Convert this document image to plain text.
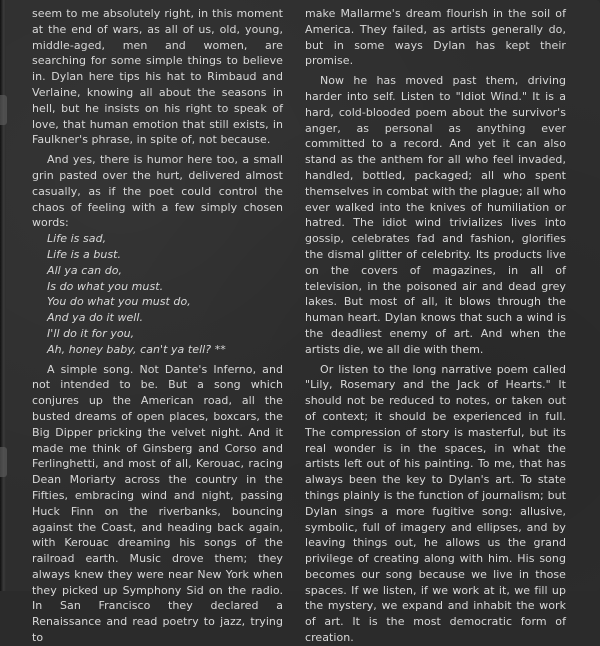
seem to me absolutely right, in this moment at the end of wars, as all of us, old, young, middle-aged, men and women, are searching for some simple things to believe in. Dylan here tips his hat to Rimbaud and Verlaine, knowing all about the seasons in hell, but he insists on his right to speak of love, that human emotion that still exists, in Faulkner's phrase, in spite of, not because.

And yes, there is humor here too, a small grin pasted over the hurt, delivered almost casually, as if the poet could control the chaos of feeling with a few simply chosen words:

Life is sad,
Life is a bust.
All ya can do,
Is do what you must.
You do what you must do,
And ya do it well.
I'll do it for you,
Ah, honey baby, can't ya tell? **

A simple song. Not Dante's Inferno, and not intended to be. But a song which conjures up the American road, all the busted dreams of open places, boxcars, the Big Dipper pricking the velvet night. And it made me think of Ginsberg and Corso and Ferlinghetti, and most of all, Kerouac, racing Dean Moriarty across the country in the Fifties, embracing wind and night, passing Huck Finn on the riverbanks, bouncing against the Coast, and heading back again, with Kerouac dreaming his songs of the railroad earth. Music drove them; they always knew they were near New York when they picked up Symphony Sid on the radio. In San Francisco they declared a Renaissance and read poetry to jazz, trying to

make Mallarme's dream flourish in the soil of America. They failed, as artists generally do, but in some ways Dylan has kept their promise.

Now he has moved past them, driving harder into self. Listen to "Idiot Wind." It is a hard, cold-blooded poem about the survivor's anger, as personal as anything ever committed to a record. And yet it can also stand as the anthem for all who feel invaded, handled, bottled, packaged; all who spent themselves in combat with the plague; all who ever walked into the knives of humiliation or hatred. The idiot wind trivializes lives into gossip, celebrates fad and fashion, glorifies the dismal glitter of celebrity. Its products live on the covers of magazines, in all of television, in the poisoned air and dead grey lakes. But most of all, it blows through the human heart. Dylan knows that such a wind is the deadliest enemy of art. And when the artists die, we all die with them.

Or listen to the long narrative poem called "Lily, Rosemary and the Jack of Hearts." It should not be reduced to notes, or taken out of context; it should be experienced in full. The compression of story is masterful, but its real wonder is in the spaces, in what the artists left out of his painting. To me, that has always been the key to Dylan's art. To state things plainly is the function of journalism; but Dylan sings a more fugitive song: allusive, symbolic, full of imagery and ellipses, and by leaving things out, he allows us the grand privilege of creating along with him. His song becomes our song because we live in those spaces. If we listen, if we work at it, we fill up the mystery, we expand and inhabit the work of art. It is the most democratic form of creation.
